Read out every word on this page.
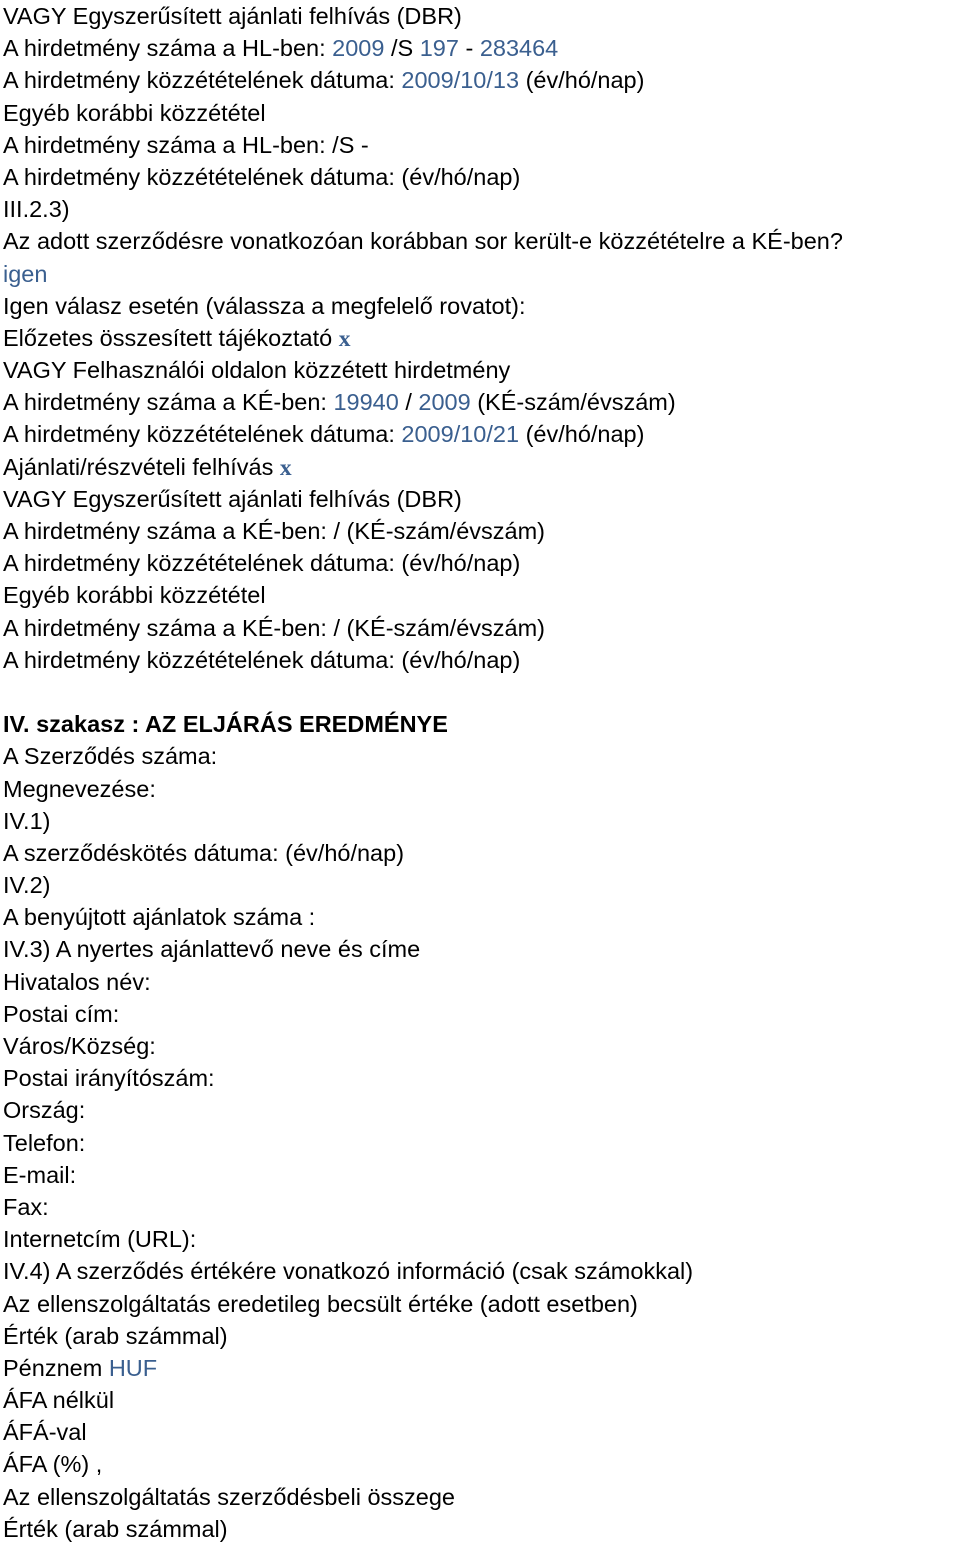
VAGY Egyszerűsített ajánlati felhívás (DBR)
A hirdetmény száma a HL-ben: 2009 /S 197 - 283464
A hirdetmény közzétételének dátuma: 2009/10/13 (év/hó/nap)
Egyéb korábbi közzététel
A hirdetmény száma a HL-ben: /S -
A hirdetmény közzétételének dátuma: (év/hó/nap)
III.2.3)
Az adott szerződésre vonatkozóan korábban sor került-e közzétételre a KÉ-ben?
igen
Igen válasz esetén (válassza a megfelelő rovatot):
Előzetes összesített tájékoztató x
VAGY Felhasználói oldalon közzétett hirdetmény
A hirdetmény száma a KÉ-ben: 19940 / 2009 (KÉ-szám/évszám)
A hirdetmény közzétételének dátuma: 2009/10/21 (év/hó/nap)
Ajánlati/részvételi felhívás x
VAGY Egyszerűsített ajánlati felhívás (DBR)
A hirdetmény száma a KÉ-ben: / (KÉ-szám/évszám)
A hirdetmény közzétételének dátuma: (év/hó/nap)
Egyéb korábbi közzététel
A hirdetmény száma a KÉ-ben: / (KÉ-szám/évszám)
A hirdetmény közzétételének dátuma: (év/hó/nap)
IV. szakasz : AZ ELJÁRÁS EREDMÉNYE
A Szerződés száma:
Megnevezése:
IV.1)
A szerződéskötés dátuma: (év/hó/nap)
IV.2)
A benyújtott ajánlatok száma :
IV.3) A nyertes ajánlattevő neve és címe
Hivatalos név:
Postai cím:
Város/Község:
Postai irányítószám:
Ország:
Telefon:
E-mail:
Fax:
Internetcím (URL):
IV.4) A szerződés értékére vonatkozó információ (csak számokkal)
Az ellenszolgáltatás eredetileg becsült értéke (adott esetben)
Érték (arab számmal)
Pénznem HUF
ÁFA nélkül
ÁFÁ-val
ÁFA (%) ,
Az ellenszolgáltatás szerződésbeli összege
Érték (arab számmal)
